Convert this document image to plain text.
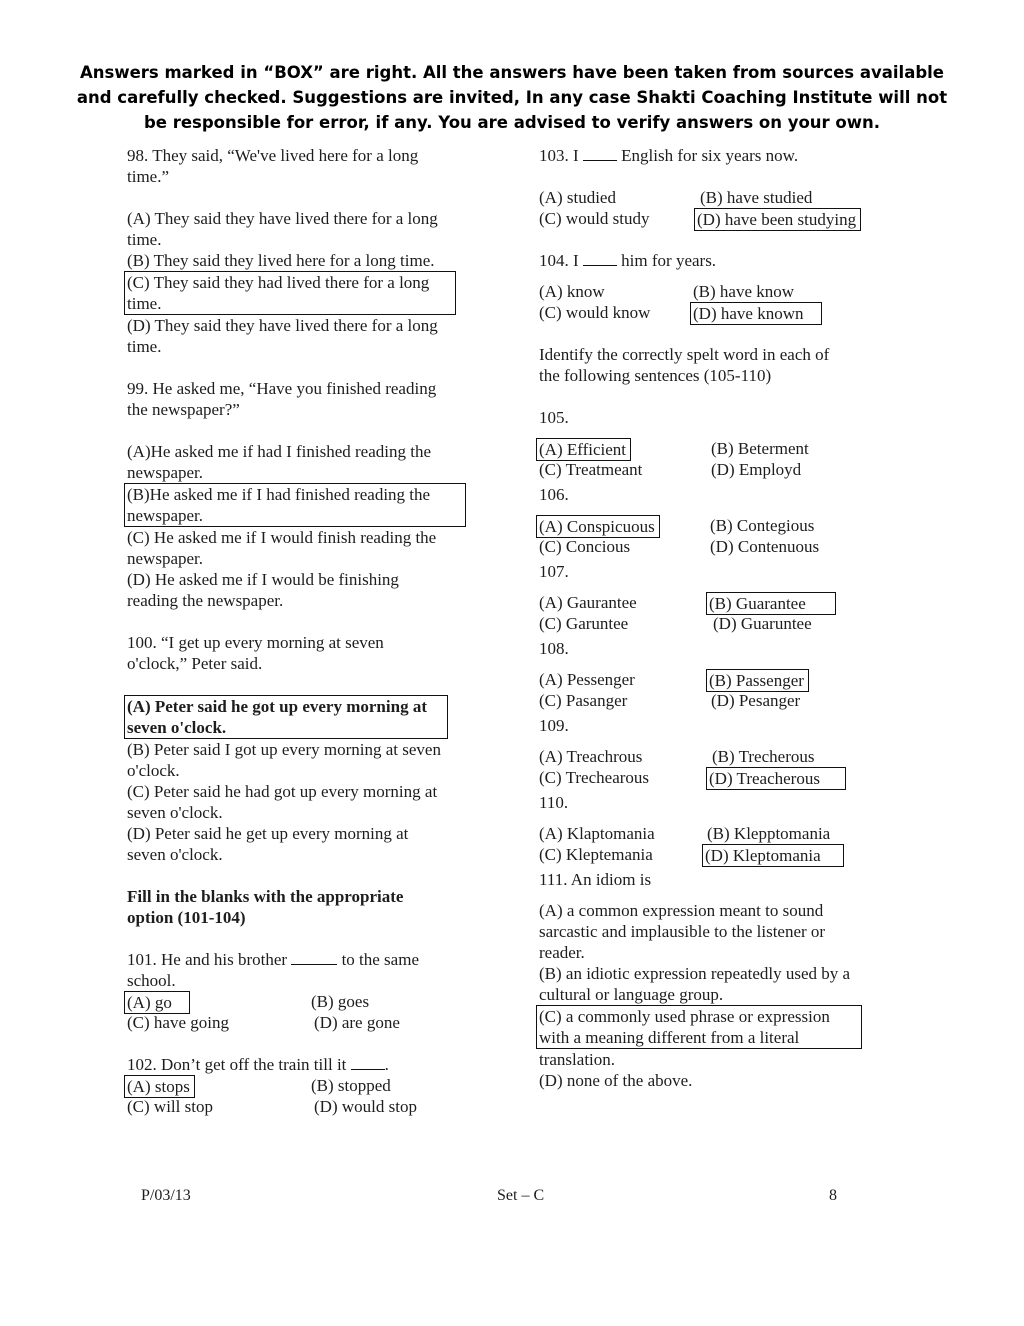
Answers marked in “BOX” are right. All the answers have been taken from sources available
and carefully checked. Suggestions are invited, In any case Shakti Coaching Institute will not
be responsible for error, if any. You are advised to verify answers on your own.

98. They said, “We've lived here for a long

time.”

(A) They said they have lived there for a long

time.

(B) They said they lived here for a long time.

(C) They said they had lived there for a long

time.

(D) They said they have lived there for a long

time.

99. He asked me, “Have you finished reading

the newspaper?”

(A)He asked me if had I finished reading the

newspaper.

(B)He asked me if I had finished reading the

newspaper.

(C) He asked me if I would finish reading the

newspaper.

(D) He asked me if I would be finishing

reading the newspaper.

100. “I get up every morning at seven

o'clock,” Peter said.

(A) Peter said he got up every morning at

seven o'clock.

(B) Peter said I got up every morning at seven

o'clock.

(C) Peter said he had got up every morning at

seven o'clock.

(D) Peter said he get up every morning at

seven o'clock.

Fill in the blanks with the appropriate

option (101-104)

101. He and his brother	to the same

school.

(A) go	(B) goes
(C) have going	(D) are gone

102. Don’t get off the train till it .

(A) stops	(B) stopped
(C) will stop	(D) would stop

103. I	English for six years now.

(A) studied	(B) have studied
(C) would study	(D) have been studying

104. I	him for years.

(A) know	(B) have know
(C) would know	(D) have known

Identify the correctly spelt word in each of

the following sentences (105-110)

105.

(A) Efficient	(B) Beterment
(C) Treatmeant	(D) Employd

106.

(A) Conspicuous	(B) Contegious
(C) Concious	(D) Contenuous

107.

(A) Gaurantee	(B) Guarantee
(C) Garuntee	(D) Guaruntee

108.

(A) Pessenger	(B) Passenger
(C) Pasanger	(D) Pesanger

109.

(A) Treachrous	(B) Trecherous
(C) Trechearous	(D) Treacherous

110.

(A) Klaptomania	(B) Klepptomania
(C) Kleptemania	(D) Kleptomania

111. An idiom is

(A) a common expression meant to sound

sarcastic and implausible to the listener or

reader.

(B) an idiotic expression repeatedly used by a

cultural or language group.

(C) a commonly used phrase or expression

with a meaning different from a literal

translation.

(D) none of the above.

P/03/13	Set – C	8
